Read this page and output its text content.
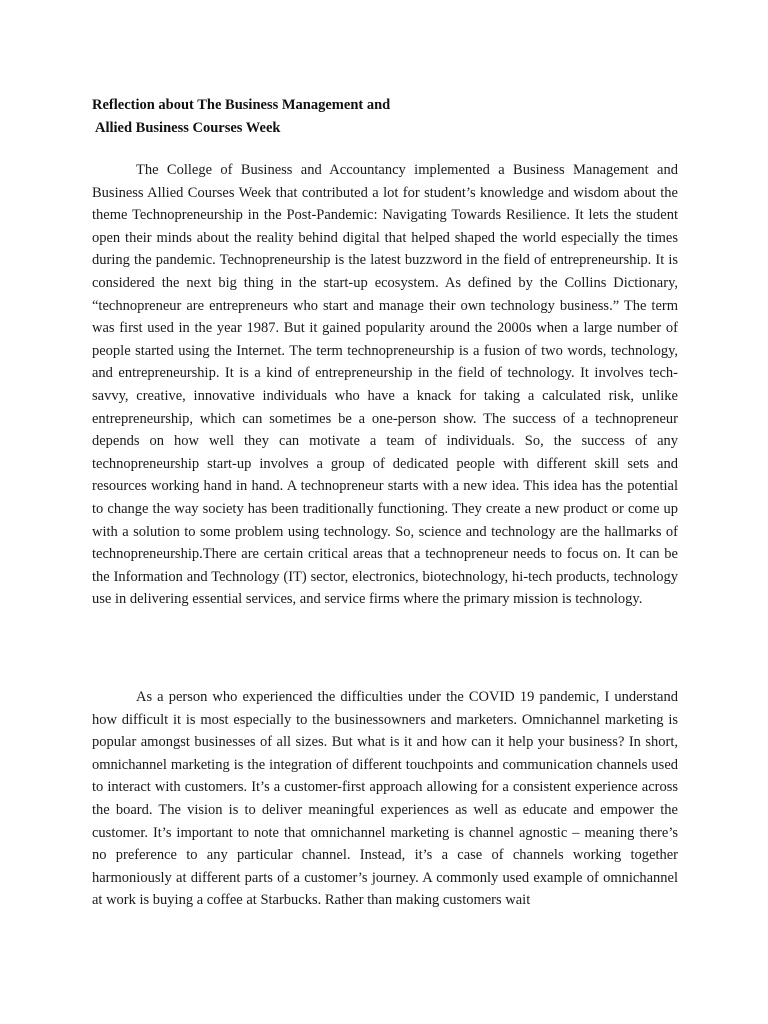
Reflection about The Business Management and
Allied Business Courses Week

The College of Business and Accountancy implemented a Business Management and Business Allied Courses Week that contributed a lot for student’s knowledge and wisdom about the theme Technopreneurship in the Post-Pandemic: Navigating Towards Resilience. It lets the student open their minds about the reality behind digital that helped shaped the world especially the times during the pandemic. Technopreneurship is the latest buzzword in the field of entrepreneurship. It is considered the next big thing in the start-up ecosystem. As defined by the Collins Dictionary, “technopreneur are entrepreneurs who start and manage their own technology business.” The term was first used in the year 1987. But it gained popularity around the 2000s when a large number of people started using the Internet. The term technopreneurship is a fusion of two words, technology, and entrepreneurship. It is a kind of entrepreneurship in the field of technology. It involves tech-savvy, creative, innovative individuals who have a knack for taking a calculated risk, unlike entrepreneurship, which can sometimes be a one-person show. The success of a technopreneur depends on how well they can motivate a team of individuals. So, the success of any technopreneurship start-up involves a group of dedicated people with different skill sets and resources working hand in hand. A technopreneur starts with a new idea. This idea has the potential to change the way society has been traditionally functioning. They create a new product or come up with a solution to some problem using technology. So, science and technology are the hallmarks of technopreneurship.There are certain critical areas that a technopreneur needs to focus on. It can be the Information and Technology (IT) sector, electronics, biotechnology, hi-tech products, technology use in delivering essential services, and service firms where the primary mission is technology.

As a person who experienced the difficulties under the COVID 19 pandemic, I understand how difficult it is most especially to the businessowners and marketers. Omnichannel marketing is popular amongst businesses of all sizes. But what is it and how can it help your business? In short, omnichannel marketing is the integration of different touchpoints and communication channels used to interact with customers. It’s a customer-first approach allowing for a consistent experience across the board. The vision is to deliver meaningful experiences as well as educate and empower the customer. It’s important to note that omnichannel marketing is channel agnostic – meaning there’s no preference to any particular channel. Instead, it’s a case of channels working together harmoniously at different parts of a customer’s journey. A commonly used example of omnichannel at work is buying a coffee at Starbucks. Rather than making customers wait
